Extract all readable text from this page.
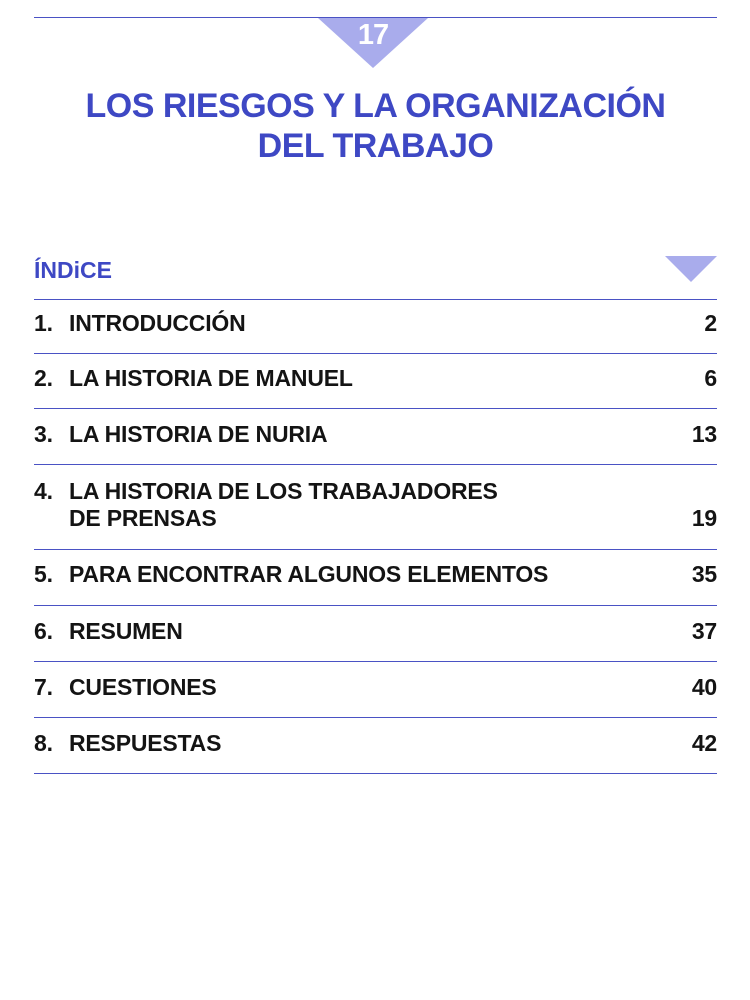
17
LOS RIESGOS Y LA ORGANIZACIÓN
DEL TRABAJO
ÍNDiCE
1. INTRODUCCIÓN	2
2. LA HISTORIA DE MANUEL	6
3. LA HISTORIA DE NURIA	13
4. LA HISTORIA DE LOS TRABAJADORES
DE PRENSAS	19
5. PARA ENCONTRAR ALGUNOS ELEMENTOS	35
6. RESUMEN	37
7. CUESTIONES	40
8. RESPUESTAS	42
